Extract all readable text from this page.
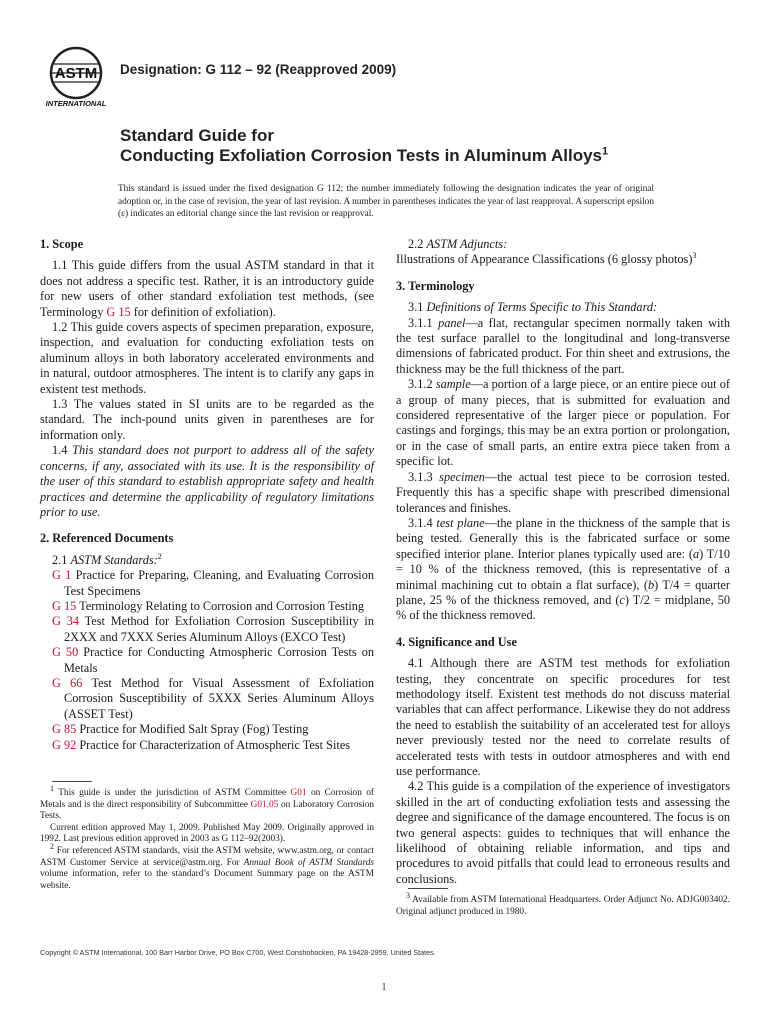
ASTM
INTERNATIONAL
Designation: G 112 – 92 (Reapproved 2009)
Standard Guide for
Conducting Exfoliation Corrosion Tests in Aluminum Alloys$^1$
This standard is issued under the fixed designation G 112; the number immediately following the designation indicates the year of original adoption or, in the case of revision, the year of last revision. A number in parentheses indicates the year of last reapproval. A superscript epsilon (ε) indicates an editorial change since the last revision or reapproval.
1. Scope

1.1 This guide differs from the usual ASTM standard in that it does not address a specific test. Rather, it is an introductory guide for new users of other standard exfoliation test methods, (see Terminology G 15 for definition of exfoliation).

1.2 This guide covers aspects of specimen preparation, exposure, inspection, and evaluation for conducting exfoliation tests on aluminum alloys in both laboratory accelerated environments and in natural, outdoor atmospheres. The intent is to clarify any gaps in existent test methods.

1.3 The values stated in SI units are to be regarded as the standard. The inch-pound units given in parentheses are for information only.

1.4 This standard does not purport to address all of the safety concerns, if any, associated with its use. It is the responsibility of the user of this standard to establish appropriate safety and health practices and determine the applicability of regulatory limitations prior to use.

2. Referenced Documents

2.1 ASTM Standards:$^2$

G 1 Practice for Preparing, Cleaning, and Evaluating Corrosion Test Specimens

G 15 Terminology Relating to Corrosion and Corrosion Testing

G 34 Test Method for Exfoliation Corrosion Susceptibility in 2XXX and 7XXX Series Aluminum Alloys (EXCO Test)

G 50 Practice for Conducting Atmospheric Corrosion Tests on Metals

G 66 Test Method for Visual Assessment of Exfoliation Corrosion Susceptibility of 5XXX Series Aluminum Alloys (ASSET Test)

G 85 Practice for Modified Salt Spray (Fog) Testing

G 92 Practice for Characterization of Atmospheric Test Sites

$^1$ This guide is under the jurisdiction of ASTM Committee G01 on Corrosion of Metals and is the direct responsibility of Subcommittee G01.05 on Laboratory Corrosion Tests.

Current edition approved May 1, 2009. Published May 2009. Originally approved in 1992. Last previous edition approved in 2003 as G 112–92(2003).

$^2$ For referenced ASTM standards, visit the ASTM website, www.astm.org, or contact ASTM Customer Service at service@astm.org. For Annual Book of ASTM Standards volume information, refer to the standard’s Document Summary page on the ASTM website.

2.2 ASTM Adjuncts:

Illustrations of Appearance Classifications (6 glossy photos)$^3$

3. Terminology

3.1 Definitions of Terms Specific to This Standard:

3.1.1 panel—a flat, rectangular specimen normally taken with the test surface parallel to the longitudinal and long-transverse dimensions of fabricated product. For thin sheet and extrusions, the thickness may be the full thickness of the part.

3.1.2 sample—a portion of a large piece, or an entire piece out of a group of many pieces, that is submitted for evaluation and considered representative of the larger piece or population. For castings and forgings, this may be an extra portion or prolongation, or in the case of small parts, an entire extra piece taken from a specific lot.

3.1.3 specimen—the actual test piece to be corrosion tested. Frequently this has a specific shape with prescribed dimensional tolerances and finishes.

3.1.4 test plane—the plane in the thickness of the sample that is being tested. Generally this is the fabricated surface or some specified interior plane. Interior planes typically used are: (a) T/10 = 10 % of the thickness removed, (this is representative of a minimal machining cut to obtain a flat surface), (b) T/4 = quarter plane, 25 % of the thickness removed, and (c) T/2 = midplane, 50 % of the thickness removed.

4. Significance and Use

4.1 Although there are ASTM test methods for exfoliation testing, they concentrate on specific procedures for test methodology itself. Existent test methods do not discuss material variables that can affect performance. Likewise they do not address the need to establish the suitability of an accelerated test for alloys never previously tested nor the need to correlate results of accelerated tests with tests in outdoor atmospheres and with end use performance.

4.2 This guide is a compilation of the experience of investigators skilled in the art of conducting exfoliation tests and assessing the degree and significance of the damage encountered. The focus is on two general aspects: guides to techniques that will enhance the likelihood of obtaining reliable information, and tips and procedures to avoid pitfalls that could lead to erroneous results and conclusions.

$^3$ Available from ASTM International Headquarters. Order Adjunct No. ADJG003402. Original adjunct produced in 1980.

Copyright © ASTM International, 100 Barr Harbor Drive, PO Box C700, West Conshohocken, PA 19428-2959, United States.
1
